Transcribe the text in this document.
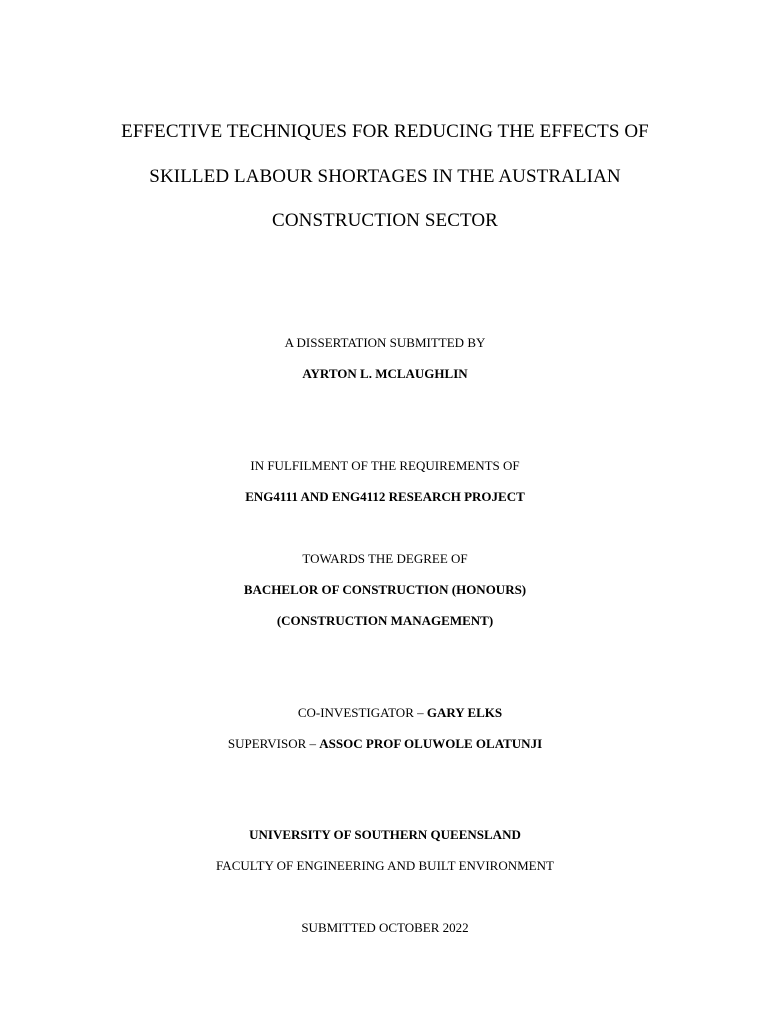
EFFECTIVE TECHNIQUES FOR REDUCING THE EFFECTS OF
SKILLED LABOUR SHORTAGES IN THE AUSTRALIAN
CONSTRUCTION SECTOR
A DISSERTATION SUBMITTED BY
AYRTON L. MCLAUGHLIN
IN FULFILMENT OF THE REQUIREMENTS OF
ENG4111 AND ENG4112 RESEARCH PROJECT
TOWARDS THE DEGREE OF
BACHELOR OF CONSTRUCTION (HONOURS)
(CONSTRUCTION MANAGEMENT)
CO-INVESTIGATOR – GARY ELKS
SUPERVISOR – ASSOC PROF OLUWOLE OLATUNJI
UNIVERSITY OF SOUTHERN QUEENSLAND
FACULTY OF ENGINEERING AND BUILT ENVIRONMENT
SUBMITTED OCTOBER 2022
